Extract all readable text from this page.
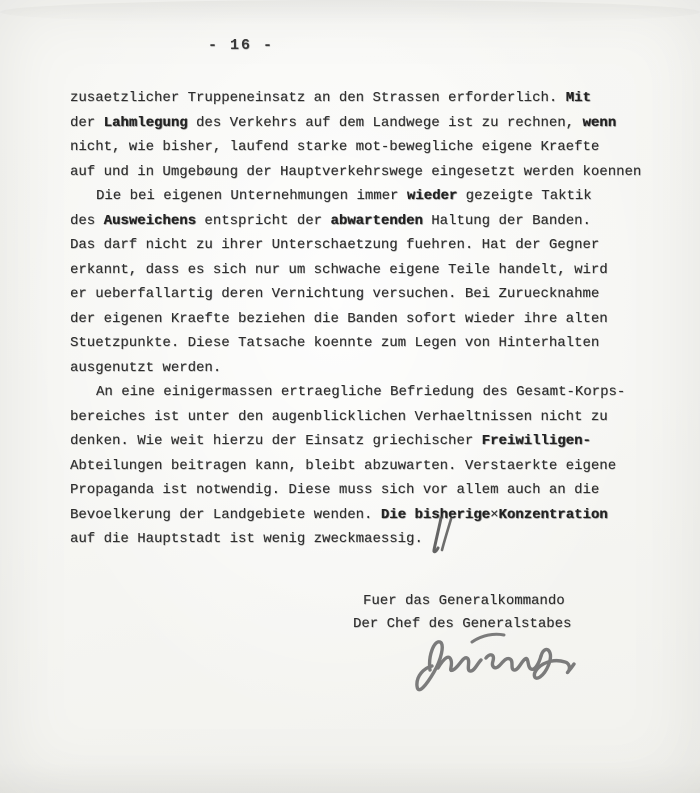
- 16 -
zusaetzlicher Truppeneinsatz an den Strassen erforderlich. Mit
der Lahmlegung des Verkehrs auf dem Landwege ist zu rechnen, wenn
nicht, wie bisher, laufend starke mot-bewegliche eigene Kraefte
auf und in Umgebøung der Hauptverkehrswege eingesetzt werden koennen
Die bei eigenen Unternehmungen immer wieder gezeigte Taktik
des Ausweichens entspricht der abwartenden Haltung der Banden.
Das darf nicht zu ihrer Unterschaetzung fuehren. Hat der Gegner
erkannt, dass es sich nur um schwache eigene Teile handelt, wird
er ueberfallartig deren Vernichtung versuchen. Bei Zuruecknahme
der eigenen Kraefte beziehen die Banden sofort wieder ihre alten
Stuetzpunkte. Diese Tatsache koennte zum Legen von Hinterhalten
ausgenutzt werden.
An eine einigermassen ertraegliche Befriedung des Gesamt-Korps-
bereiches ist unter den augenblicklichen Verhaeltnissen nicht zu
denken. Wie weit hierzu der Einsatz griechischer Freiwilligen-
Abteilungen beitragen kann, bleibt abzuwarten. Verstaerkte eigene
Propaganda ist notwendig. Diese muss sich vor allem auch an die
Bevoelkerung der Landgebiete wenden. Die bisherige×Konzentration
auf die Hauptstadt ist wenig zweckmaessig.
Fuer das Generalkommando
Der Chef des Generalstabes
